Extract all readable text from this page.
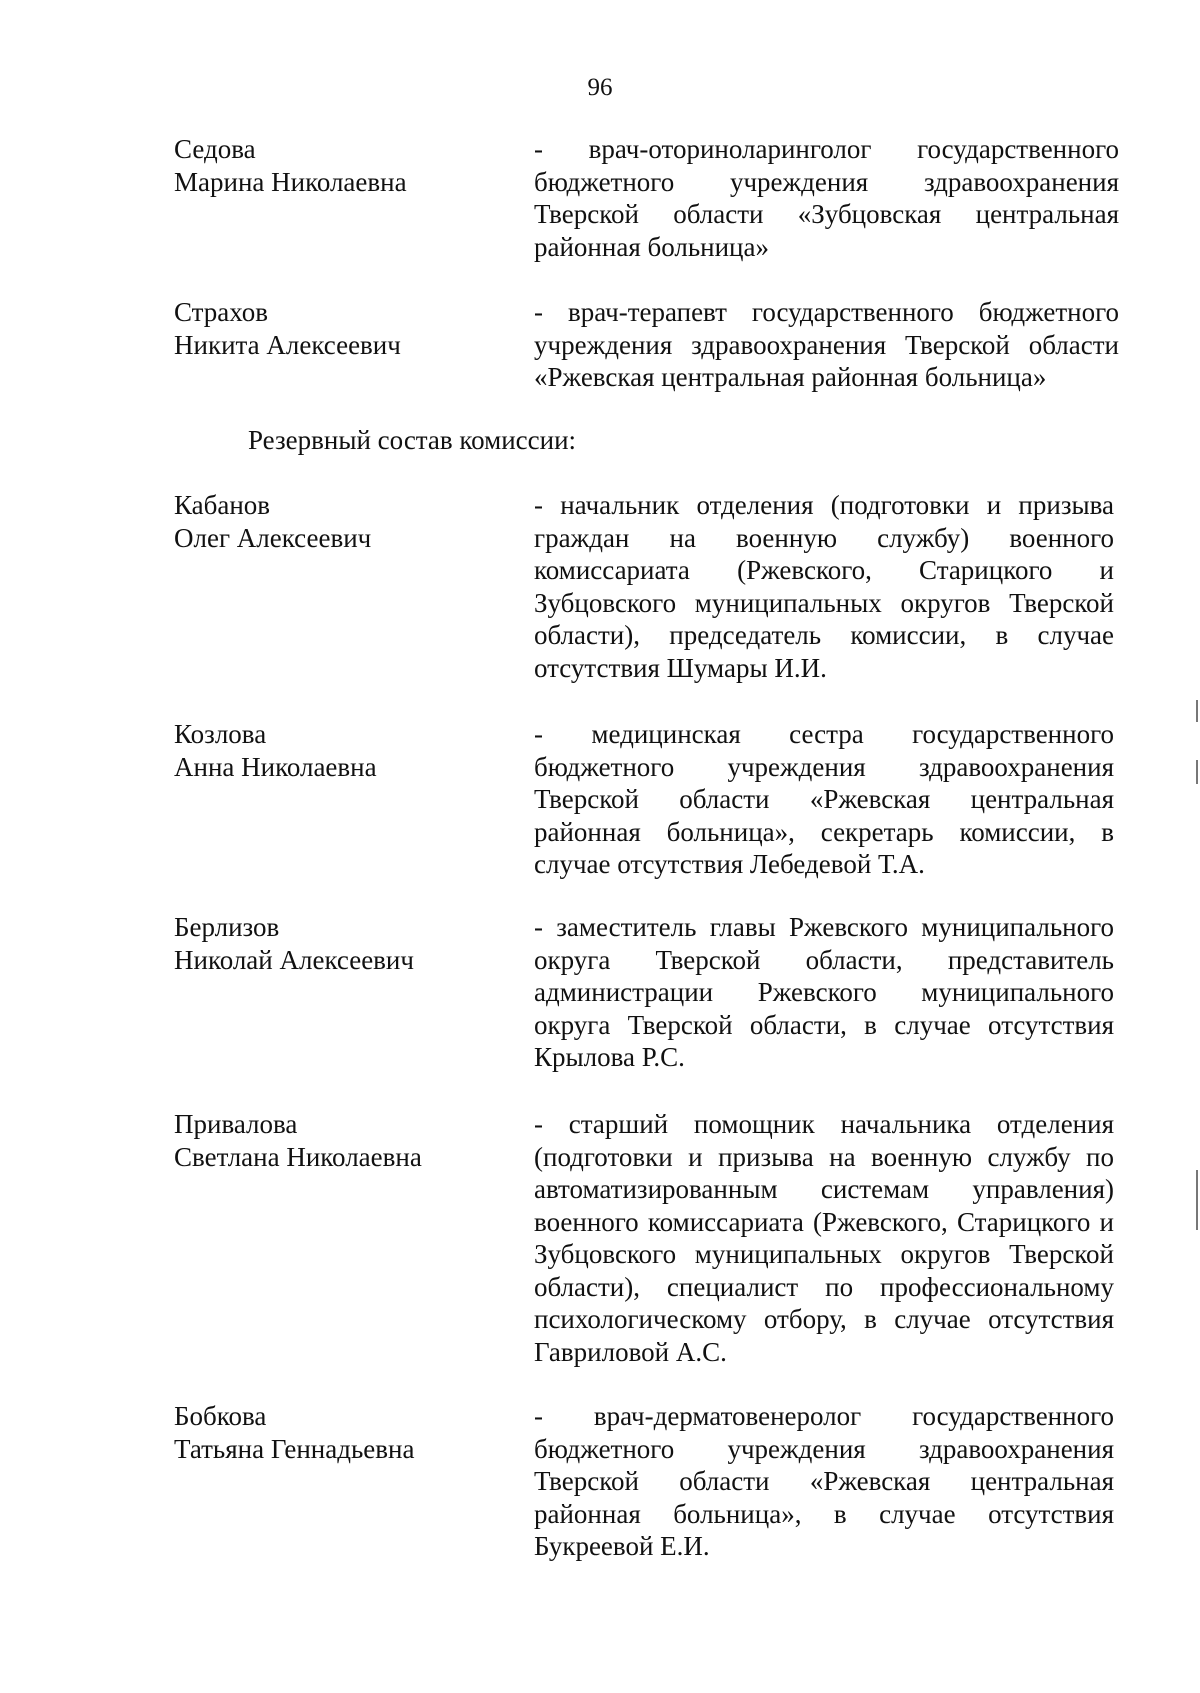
96
Седова
Марина Николаевна
- врач-оториноларинголог государственного бюджетного учреждения здравоохранения Тверской области «Зубцовская центральная районная больница»
Страхов
Никита Алексеевич
- врач-терапевт государственного бюджетного учреждения здравоохранения Тверской области «Ржевская центральная районная больница»
Резервный состав комиссии:
Кабанов
Олег Алексеевич
- начальник отделения (подготовки и призыва граждан на военную службу) военного комиссариата (Ржевского, Старицкого и Зубцовского муниципальных округов Тверской области), председатель комиссии, в случае отсутствия Шумары И.И.
Козлова
Анна Николаевна
- медицинская сестра государственного бюджетного учреждения здравоохранения Тверской области «Ржевская центральная районная больница», секретарь комиссии, в случае отсутствия Лебедевой Т.А.
Берлизов
Николай Алексеевич
- заместитель главы Ржевского муниципального округа Тверской области, представитель администрации Ржевского муниципального округа Тверской области, в случае отсутствия Крылова Р.С.
Привалова
Светлана Николаевна
- старший помощник начальника отделения (подготовки и призыва на военную службу по автоматизированным системам управления) военного комиссариата (Ржевского, Старицкого и Зубцовского муниципальных округов Тверской области), специалист по профессиональному психологическому отбору, в случае отсутствия Гавриловой А.С.
Бобкова
Татьяна Геннадьевна
- врач-дерматовенеролог государственного бюджетного учреждения здравоохранения Тверской области «Ржевская центральная районная больница», в случае отсутствия Букреевой Е.И.
